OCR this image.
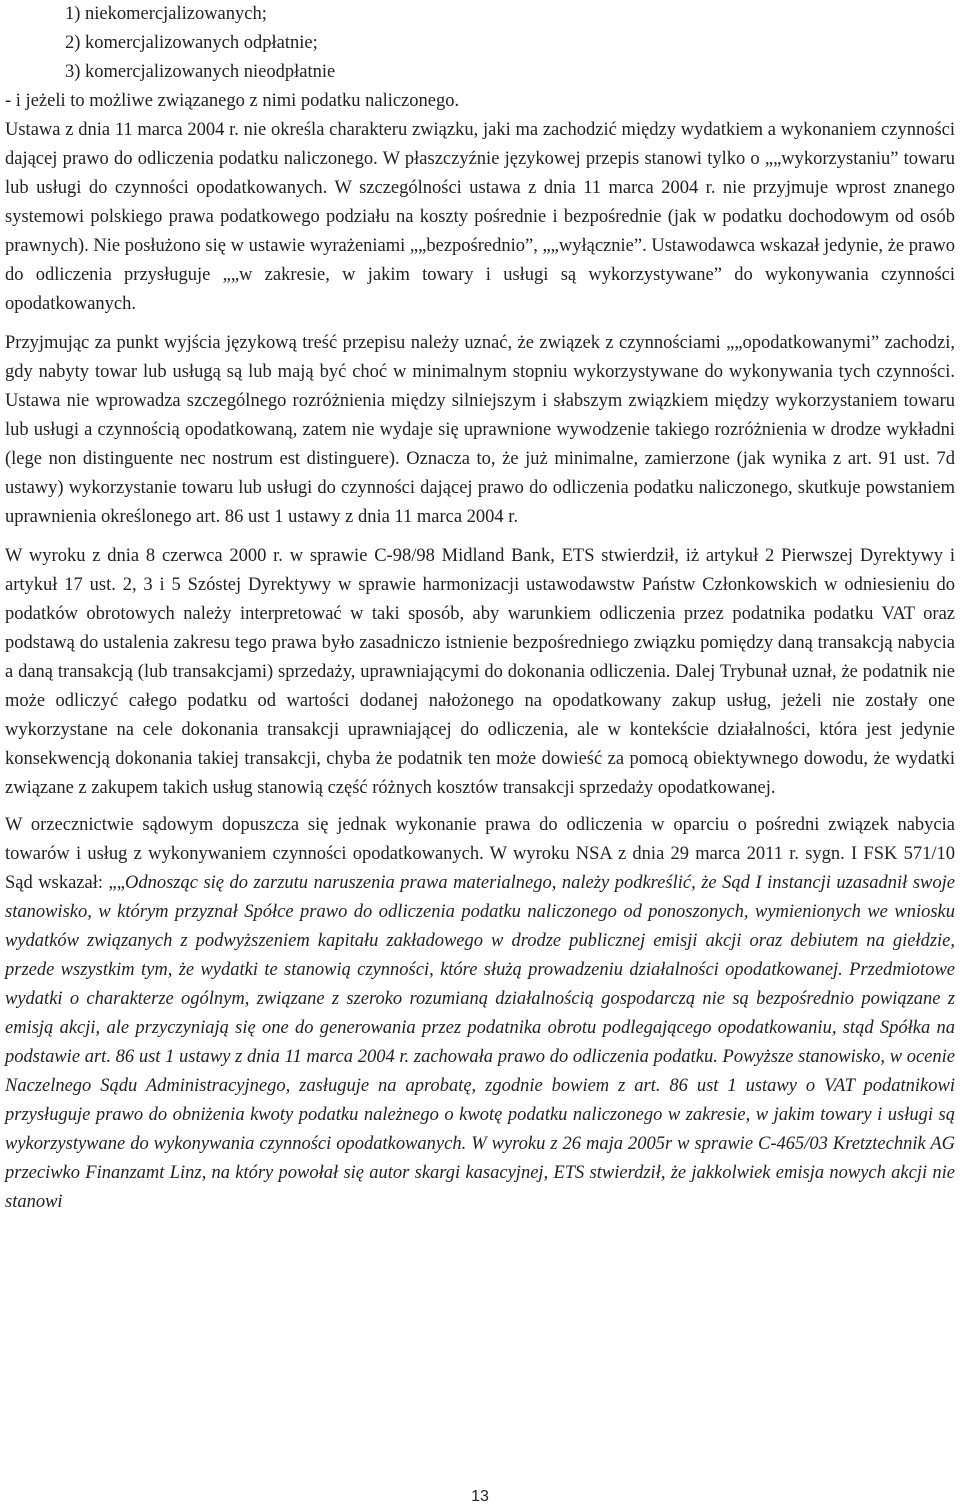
1) niekomercjalizowanych;
2) komercjalizowanych odpłatnie;
3) komercjalizowanych nieodpłatnie
- i jeżeli to możliwe związanego z nimi podatku naliczonego.

Ustawa z dnia 11 marca 2004 r. nie określa charakteru związku, jaki ma zachodzić między wydatkiem a wykonaniem czynności dającej prawo do odliczenia podatku naliczonego. W płaszczyźnie językowej przepis stanowi tylko o „„wykorzystaniu” towaru lub usługi do czynności opodatkowanych. W szczególności ustawa z dnia 11 marca 2004 r. nie przyjmuje wprost znanego systemowi polskiego prawa podatkowego podziału na koszty pośrednie i bezpośrednie (jak w podatku dochodowym od osób prawnych). Nie posłużono się w ustawie wyrażeniami „„bezpośrednio”, „„wyłącznie”. Ustawodawca wskazał jedynie, że prawo do odliczenia przysługuje „„w zakresie, w jakim towary i usługi są wykorzystywane” do wykonywania czynności opodatkowanych.

Przyjmując za punkt wyjścia językową treść przepisu należy uznać, że związek z czynnościami „„opodatkowanymi” zachodzi, gdy nabyty towar lub usługą są lub mają być choć w minimalnym stopniu wykorzystywane do wykonywania tych czynności. Ustawa nie wprowadza szczególnego rozróżnienia między silniejszym i słabszym związkiem między wykorzystaniem towaru lub usługi a czynnością opodatkowaną, zatem nie wydaje się uprawnione wywodzenie takiego rozróżnienia w drodze wykładni (lege non distinguente nec nostrum est distinguere). Oznacza to, że już minimalne, zamierzone (jak wynika z art. 91 ust. 7d ustawy) wykorzystanie towaru lub usługi do czynności dającej prawo do odliczenia podatku naliczonego, skutkuje powstaniem uprawnienia określonego art. 86 ust 1 ustawy z dnia 11 marca 2004 r.

W wyroku z dnia 8 czerwca 2000 r. w sprawie C-98/98 Midland Bank, ETS stwierdził, iż artykuł 2 Pierwszej Dyrektywy i artykuł 17 ust. 2, 3 i 5 Szóstej Dyrektywy w sprawie harmonizacji ustawodawstw Państw Członkowskich w odniesieniu do podatków obrotowych należy interpretować w taki sposób, aby warunkiem odliczenia przez podatnika podatku VAT oraz podstawą do ustalenia zakresu tego prawa było zasadniczo istnienie bezpośredniego związku pomiędzy daną transakcją nabycia a daną transakcją (lub transakcjami) sprzedaży, uprawniającymi do dokonania odliczenia. Dalej Trybunał uznał, że podatnik nie może odliczyć całego podatku od wartości dodanej nałożonego na opodatkowany zakup usług, jeżeli nie zostały one wykorzystane na cele dokonania transakcji uprawniającej do odliczenia, ale w kontekście działalności, która jest jedynie konsekwencją dokonania takiej transakcji, chyba że podatnik ten może dowieść za pomocą obiektywnego dowodu, że wydatki związane z zakupem takich usług stanowią część różnych kosztów transakcji sprzedaży opodatkowanej.

W orzecznictwie sądowym dopuszcza się jednak wykonanie prawa do odliczenia w oparciu o pośredni związek nabycia towarów i usług z wykonywaniem czynności opodatkowanych. W wyroku NSA z dnia 29 marca 2011 r. sygn. I FSK 571/10 Sąd wskazał: „„Odnosząc się do zarzutu naruszenia prawa materialnego, należy podkreślić, że Sąd I instancji uzasadnił swoje stanowisko, w którym przyznał Spółce prawo do odliczenia podatku naliczonego od ponoszonych, wymienionych we wniosku wydatków związanych z podwyższeniem kapitału zakładowego w drodze publicznej emisji akcji oraz debiutem na giełdzie, przede wszystkim tym, że wydatki te stanowią czynności, które służą prowadzeniu działalności opodatkowanej. Przedmiotowe wydatki o charakterze ogólnym, związane z szeroko rozumianą działalnością gospodarczą nie są bezpośrednio powiązane z emisją akcji, ale przyczyniają się one do generowania przez podatnika obrotu podlegającego opodatkowaniu, stąd Spółka na podstawie art. 86 ust 1 ustawy z dnia 11 marca 2004 r. zachowała prawo do odliczenia podatku. Powyższe stanowisko, w ocenie Naczelnego Sądu Administracyjnego, zasługuje na aprobatę, zgodnie bowiem z art. 86 ust 1 ustawy o VAT podatnikowi przysługuje prawo do obniżenia kwoty podatku należnego o kwotę podatku naliczonego w zakresie, w jakim towary i usługi są wykorzystywane do wykonywania czynności opodatkowanych. W wyroku z 26 maja 2005r w sprawie C-465/03 Kretztechnik AG przeciwko Finanzamt Linz, na który powołał się autor skargi kasacyjnej, ETS stwierdził, że jakkolwiek emisja nowych akcji nie stanowi

13
